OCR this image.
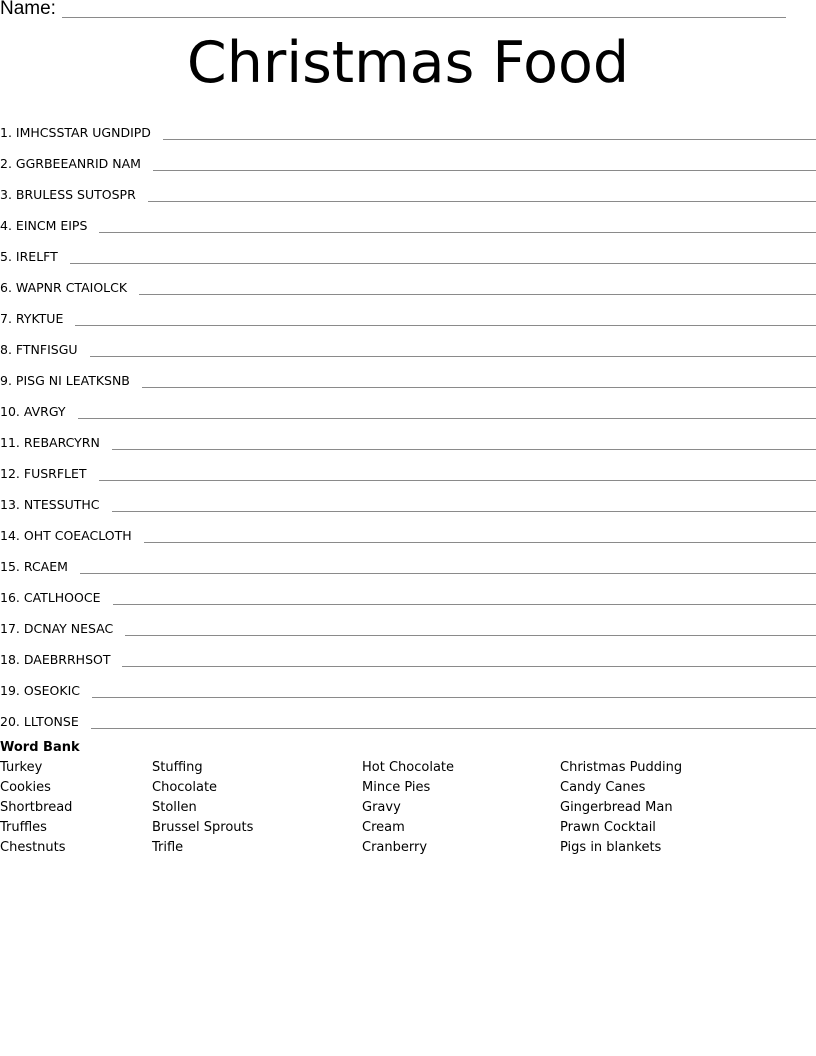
Name:
Christmas Food
1. IMHCSSTAR UGNDIPD
2. GGRBEEANRID NAM
3. BRULESS SUTOSPR
4. EINCM EIPS
5. IRELFT
6. WAPNR CTAIOLCK
7. RYKTUE
8. FTNFISGU
9. PISG NI LEATKSNB
10. AVRGY
11. REBARCYRN
12. FUSRFLET
13. NTESSUTHC
14. OHT COEACLOTH
15. RCAEM
16. CATLHOOCE
17. DCNAY NESAC
18. DAEBRRHSOT
19. OSEOKIC
20. LLTONSE
Word Bank
Turkey
Cookies
Shortbread
Truffles
Chestnuts
Stuffing
Chocolate
Stollen
Brussel Sprouts
Trifle
Hot Chocolate
Mince Pies
Gravy
Cream
Cranberry
Christmas Pudding
Candy Canes
Gingerbread Man
Prawn Cocktail
Pigs in blankets
